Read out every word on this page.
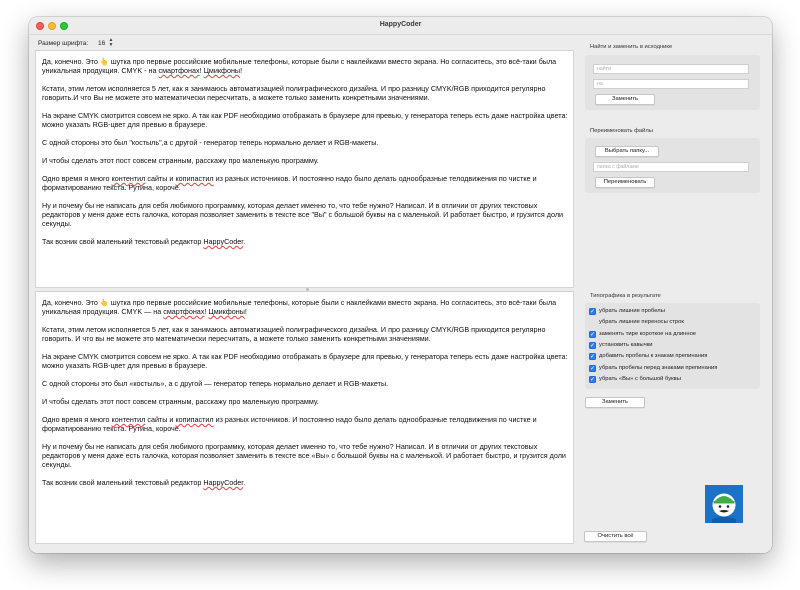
HappyCoder
Размер шрифта: 16 ▲
▼

Да, конечно. Это 👆 шутка про первые российские мобильные телефоны, которые были с наклейками вместо экрана. Но согласитесь, это всё-таки была уникальная продукция. CMYK - на смартфонах! Цмикфоны!

Кстати, этим летом исполняется 5 лет, как я занимаюсь автоматизацией полиграфического дизайна. И про разницу CMYK/RGB приходится регулярно говорить.И что Вы не можете это математически пересчитать, а можете только заменить конкретными значениями.

На экране CMYK смотрится совсем не ярко. А так как PDF необходимо отображать в браузере для превью, у генератора теперь есть даже настройка цвета: можно указать RGB-цвет для превью в браузере.

С одной стороны это был "костыль",а с другой - генератор теперь нормально делает и RGB-макеты.

И чтобы сделать этот пост совсем странным, расскажу про маленькую программу.

Одно время я много контентил сайты и копипастил из разных источников. И постоянно надо было делать однообразные телодвижения по чистке и форматированию текста. Рутина, короче.

Ну и почему бы не написать для себя любимого программку, которая делает именно то, что тебе нужно? Написал. И в отличии от других текстовых редакторов у меня даже есть галочка, которая позволяет заменить в тексте все "Вы" с большой буквы на с маленькой. И работает быстро, и грузится доли секунды.

Так возник свой маленький текстовый редактор HappyCoder.

Да, конечно. Это 👆 шутка про первые российские мобильные телефоны, которые были с наклейками вместо экрана. Но согласитесь, это всё-таки была уникальная продукция. CMYK — на смартфонах! Цмикфоны!

Кстати, этим летом исполняется 5 лет, как я занимаюсь автоматизацией полиграфического дизайна. И про разницу CMYK/RGB приходится регулярно говорить. И что вы не можете это математически пересчитать, а можете только заменить конкретными значениями.

На экране CMYK смотрится совсем не ярко. А так как PDF необходимо отображать в браузере для превью, у генератора теперь есть даже настройка цвета: можно указать RGB-цвет для превью в браузере.

С одной стороны это был «костыль», а с другой — генератор теперь нормально делает и RGB-макеты.

И чтобы сделать этот пост совсем странным, расскажу про маленькую программу.

Одно время я много контентил сайты и копипастил из разных источников. И постоянно надо было делать однообразные телодвижения по чистке и форматированию текста. Рутина, короче.

Ну и почему бы не написать для себя любимого программку, которая делает именно то, что тебе нужно? Написал. И в отличии от других текстовых редакторов у меня даже есть галочка, которая позволяет заменить в тексте все «Вы» с большой буквы на с маленькой. И работает быстро, и грузится доли секунды.

Так возник свой маленький текстовый редактор HappyCoder.

Найти и заменить в исходнике
найти
на
Заменить
Переименовать файлы
Выбрать папку...
папка с файлами
Переименовать
Типографика в результате
✓ убрать лишние пробелы
убрать лишние переносы строк
✓ заменять тире короткое на длинное
✓ установить кавычки
✓ добавить пробелы к знакам препинания
✓ убрать пробелы перед знаками препинания
✓ убрать «Вы» с большой буквы
Заменить
Очистить всё
